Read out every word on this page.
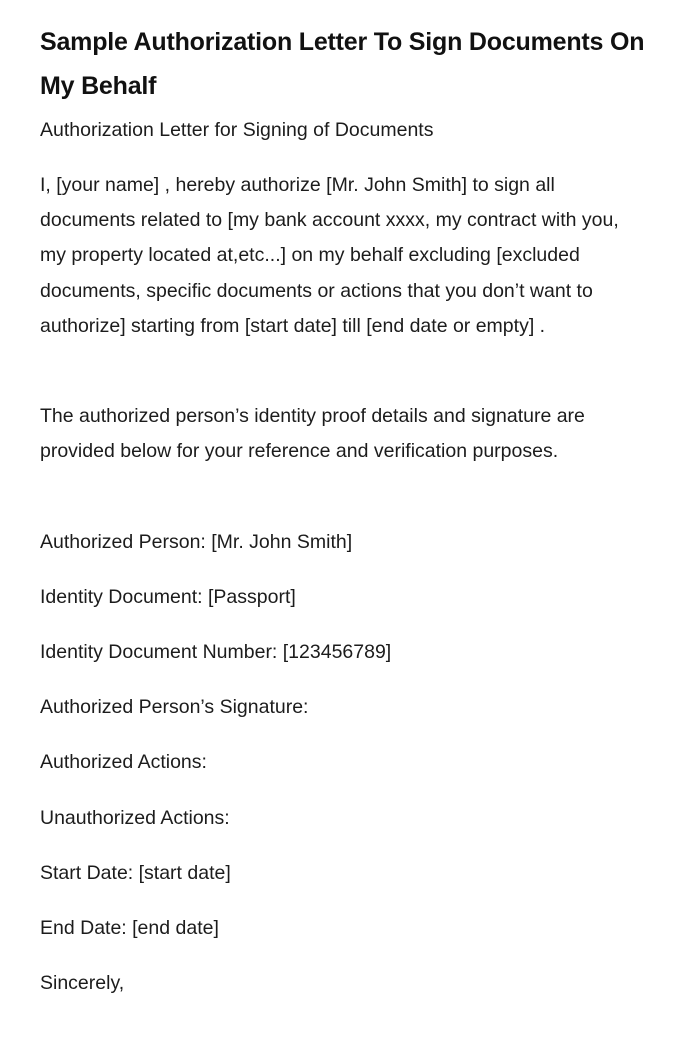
Sample Authorization Letter To Sign Documents On My Behalf

Authorization Letter for Signing of Documents

I, [your name] , hereby authorize [Mr. John Smith] to sign all documents related to [my bank account xxxx, my contract with you, my property located at,etc...] on my behalf excluding [excluded documents, specific documents or actions that you don’t want to authorize] starting from [start date] till [end date or empty] .

The authorized person’s identity proof details and signature are provided below for your reference and verification purposes.

Authorized Person: [Mr. John Smith]

Identity Document: [Passport]

Identity Document Number: [123456789]

Authorized Person’s Signature:

Authorized Actions:

Unauthorized Actions:

Start Date: [start date]

End Date: [end date]

Sincerely,
